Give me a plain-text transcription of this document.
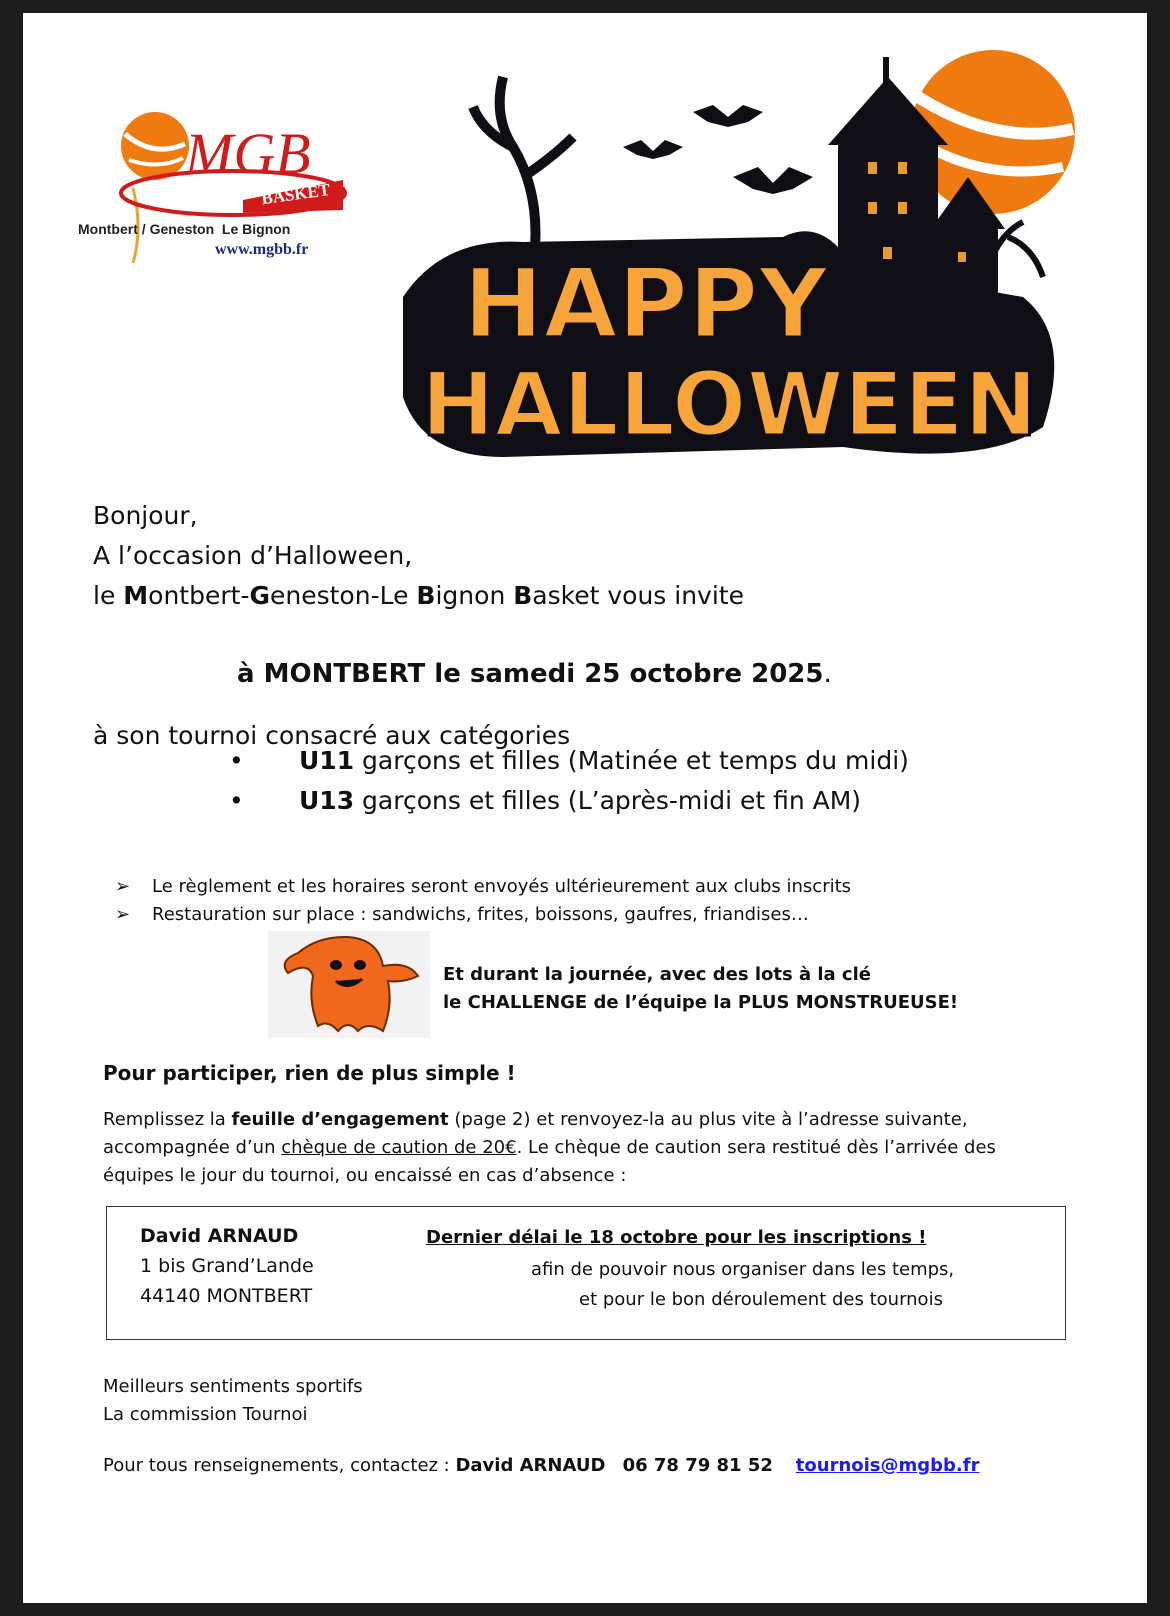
MGB
BASKET
Montbert / Geneston Le Bignon
www.mgbb.fr HAPPY
HALLOWEEN
Bonjour,
A l’occasion d’Halloween,
le Montbert-Geneston-Le Bignon Basket vous invite
à MONTBERT le samedi 25 octobre 2025.
à son tournoi consacré aux catégories
• U11 garçons et filles (Matinée et temps du midi)
• U13 garçons et filles (L’après-midi et fin AM)
➢ Le règlement et les horaires seront envoyés ultérieurement aux clubs inscrits
➢ Restauration sur place : sandwichs, frites, boissons, gaufres, friandises…
Et durant la journée, avec des lots à la clé
le CHALLENGE de l’équipe la PLUS MONSTRUEUSE!
Pour participer, rien de plus simple !
Remplissez la feuille d’engagement (page 2) et renvoyez-la au plus vite à l’adresse suivante,
accompagnée d’un chèque de caution de 20€. Le chèque de caution sera restitué dès l’arrivée des
équipes le jour du tournoi, ou encaissé en cas d’absence :
David ARNAUD
1 bis Grand’Lande
44140 MONTBERT
Dernier délai le 18 octobre pour les inscriptions !
afin de pouvoir nous organiser dans les temps,
et pour le bon déroulement des tournois
Meilleurs sentiments sportifs
La commission Tournoi
Pour tous renseignements, contactez : David ARNAUD 06 78 79 81 52 tournois@mgbb.fr
